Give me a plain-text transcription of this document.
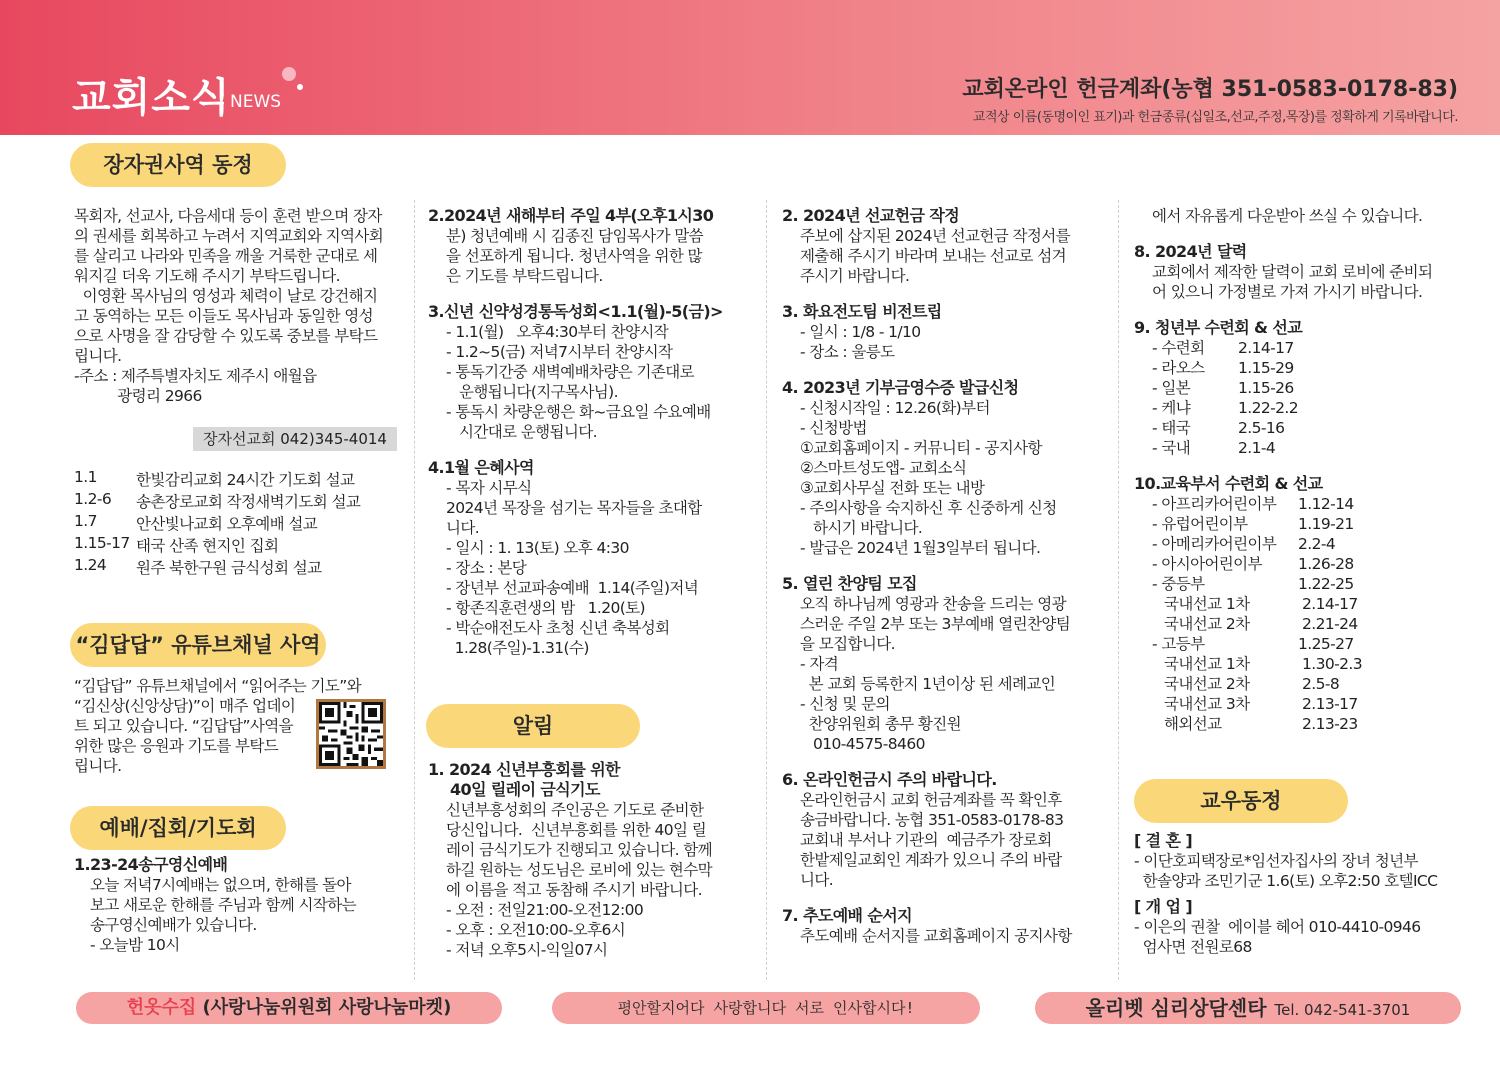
교회소식 NEWS	교회온라인 헌금계좌(농협 351-0583-0178-83)
교적상 이름(동명이인 표기)과 헌금종류(십일조,선교,주정,목장)를 정확하게 기록바랍니다.
장자권사역 동정
목회자, 선교사, 다음세대 등이 훈련 받으며 장자
의 권세를 회복하고 누려서 지역교회와 지역사회
를 살리고 나라와 민족을 깨울 거룩한 군대로 세
워지길 더욱 기도해 주시기 부탁드립니다.
이영환 목사님의 영성과 체력이 날로 강건해지
고 동역하는 모든 이들도 목사님과 동일한 영성
으로 사명을 잘 감당할 수 있도록 중보를 부탁드
립니다.
-주소 : 제주특별자치도 제주시 애월읍
광령리 2966
장자선교회 042)345-4014
1.1	한빛감리교회 24시간 기도회 설교
1.2-6	송촌장로교회 작정새벽기도회 설교
1.7	안산빛나교회 오후예배 설교
1.15-17	태국 산족 현지인 집회
1.24	원주 북한구원 금식성회 설교
“김답답” 유튜브채널 사역
“김답답” 유튜브채널에서 “읽어주는 기도”와
“김신상(신앙상담)”이 매주 업데이
트 되고 있습니다. “김답답”사역을
위한 많은 응원과 기도를 부탁드
립니다.
예배/집회/기도회
1.23-24송구영신예배
오늘 저녁7시예배는 없으며, 한해를 돌아
보고 새로운 한해를 주님과 함께 시작하는
송구영신예배가 있습니다.
- 오늘밤 10시
2.2024년 새해부터 주일 4부(오후1시30
분) 청년예배 시 김종진 담임목사가 말씀
을 선포하게 됩니다. 청년사역을 위한 많
은 기도를 부탁드립니다.
3.신년 신약성경통독성회<1.1(월)-5(금)>
- 1.1(월)   오후4:30부터 찬양시작
- 1.2~5(금) 저녁7시부터 찬양시작
- 통독기간중 새벽예배차량은 기존대로
운행됩니다(지구목사님).
- 통독시 차량운행은 화~금요일 수요예배
시간대로 운행됩니다.
4.1월 은혜사역
- 목자 시무식
2024년 목장을 섬기는 목자들을 초대합
니다.
- 일시 : 1. 13(토) 오후 4:30
- 장소 : 본당
- 장년부 선교파송예배  1.14(주일)저녁
- 항존직훈련생의 밤   1.20(토)
- 박순애전도사 초청 신년 축복성회
1.28(주일)-1.31(수)
알림
1. 2024 신년부흥회를 위한
40일 릴레이 금식기도
신년부흥성회의 주인공은 기도로 준비한
당신입니다.  신년부흥회를 위한 40일 릴
레이 금식기도가 진행되고 있습니다. 함께
하길 원하는 성도님은 로비에 있는 현수막
에 이름을 적고 동참해 주시기 바랍니다.
- 오전 : 전일21:00-오전12:00
- 오후 : 오전10:00-오후6시
- 저녁 오후5시-익일07시
2. 2024년 선교헌금 작정
주보에 삽지된 2024년 선교헌금 작정서를
제출해 주시기 바라며 보내는 선교로 섬겨
주시기 바랍니다.
3. 화요전도팀 비전트립
- 일시 : 1/8 - 1/10
- 장소 : 울릉도
4. 2023년 기부금영수증 발급신청
- 신청시작일 : 12.26(화)부터
- 신청방법
①교회홈페이지 - 커뮤니티 - 공지사항
②스마트성도앱- 교회소식
③교회사무실 전화 또는 내방
- 주의사항을 숙지하신 후 신중하게 신청
하시기 바랍니다.
- 발급은 2024년 1월3일부터 됩니다.
5. 열린 찬양팀 모집
오직 하나님께 영광과 찬송을 드리는 영광
스러운 주일 2부 또는 3부예배 열린찬양팀
을 모집합니다.
- 자격
본 교회 등록한지 1년이상 된 세례교인
- 신청 및 문의
찬양위원회 총무 황진원
010-4575-8460
6. 온라인헌금시 주의 바랍니다.
온라인헌금시 교회 헌금계좌를 꼭 확인후
송금바랍니다. 농협 351-0583-0178-83
교회내 부서나 기관의  예금주가 장로회
한밭제일교회인 계좌가 있으니 주의 바랍
니다.
7. 추도예배 순서지
추도예배 순서지를 교회홈페이지 공지사항
에서 자유롭게 다운받아 쓰실 수 있습니다.
8. 2024년 달력
교회에서 제작한 달력이 교회 로비에 준비되
어 있으니 가정별로 가져 가시기 바랍니다.
9. 청년부 수련회 & 선교
- 수련회	2.14-17
- 라오스	1.15-29
- 일본	1.15-26
- 케냐	1.22-2.2
- 태국	2.5-16
- 국내	2.1-4
10.교육부서 수련회 & 선교
- 아프리카어린이부	1.12-14
- 유럽어린이부	1.19-21
- 아메리카어린이부	2.2-4
- 아시아어린이부	1.26-28
- 중등부	1.22-25
국내선교 1차	2.14-17
국내선교 2차	2.21-24
- 고등부	1.25-27
국내선교 1차	1.30-2.3
국내선교 2차	2.5-8
국내선교 3차	2.13-17
해외선교	2.13-23
교우동정
[ 결 혼 ]
- 이단호피택장로*임선자집사의 장녀 청년부
한솔양과 조민기군 1.6(토) 오후2:50 호텔ICC
[ 개 업 ]
- 이은의 권찰  에이블 헤어 010-4410-0946
엄사면 전원로68
헌옷수집 (사랑나눔위원회 사랑나눔마켓)	평안할지어다 사랑합니다 서로 인사합시다!	올리벳 심리상담센타 Tel. 042-541-3701
